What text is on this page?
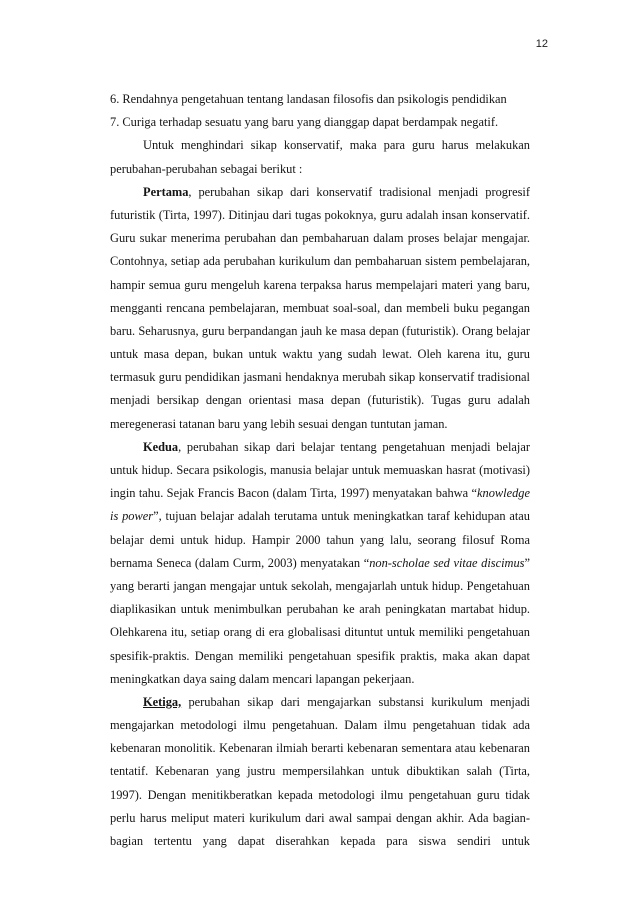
12
6. Rendahnya pengetahuan tentang landasan filosofis dan psikologis pendidikan
7. Curiga terhadap sesuatu yang baru yang dianggap dapat berdampak negatif.
Untuk menghindari sikap konservatif, maka para guru harus melakukan
perubahan-perubahan sebagai berikut :
Pertama, perubahan sikap dari konservatif tradisional menjadi progresif
futuristik (Tirta, 1997). Ditinjau dari tugas pokoknya, guru adalah insan konservatif.
Guru sukar menerima perubahan dan pembaharuan dalam proses belajar mengajar.
Contohnya, setiap ada perubahan kurikulum dan pembaharuan sistem pembelajaran,
hampir semua guru mengeluh karena terpaksa harus mempelajari materi yang baru,
mengganti rencana pembelajaran, membuat soal-soal, dan membeli buku pegangan
baru. Seharusnya, guru berpandangan jauh ke masa depan (futuristik). Orang belajar
untuk masa depan, bukan untuk waktu yang sudah lewat. Oleh karena itu, guru
termasuk guru pendidikan jasmani hendaknya merubah sikap konservatif tradisional
menjadi bersikap dengan orientasi masa depan (futuristik). Tugas guru adalah
meregenerasi tatanan baru yang lebih sesuai dengan tuntutan jaman.
Kedua, perubahan sikap dari belajar tentang pengetahuan menjadi belajar
untuk hidup. Secara psikologis, manusia belajar untuk memuaskan hasrat (motivasi)
ingin tahu. Sejak Francis Bacon (dalam Tirta, 1997) menyatakan bahwa “knowledge
is power”, tujuan belajar adalah terutama untuk meningkatkan taraf kehidupan atau
belajar demi untuk hidup. Hampir 2000 tahun yang lalu, seorang filosuf Roma
bernama Seneca (dalam Curm, 2003) menyatakan “non-scholae sed vitae discimus”
yang berarti jangan mengajar untuk sekolah, mengajarlah untuk hidup. Pengetahuan
diaplikasikan untuk menimbulkan perubahan ke arah peningkatan martabat hidup.
Olehkarena itu, setiap orang di era globalisasi dituntut untuk memiliki pengetahuan
spesifik-praktis. Dengan memiliki pengetahuan spesifik praktis, maka akan dapat
meningkatkan daya saing dalam mencari lapangan pekerjaan.
Ketiga, perubahan sikap dari mengajarkan substansi kurikulum menjadi
mengajarkan metodologi ilmu pengetahuan. Dalam ilmu pengetahuan tidak ada
kebenaran monolitik. Kebenaran ilmiah berarti kebenaran sementara atau kebenaran
tentatif. Kebenaran yang justru mempersilahkan untuk dibuktikan salah (Tirta,
1997). Dengan menitikberatkan kepada metodologi ilmu pengetahuan guru tidak
perlu harus meliput materi kurikulum dari awal sampai dengan akhir. Ada bagian-
bagian tertentu yang dapat diserahkan kepada para siswa sendiri untuk
